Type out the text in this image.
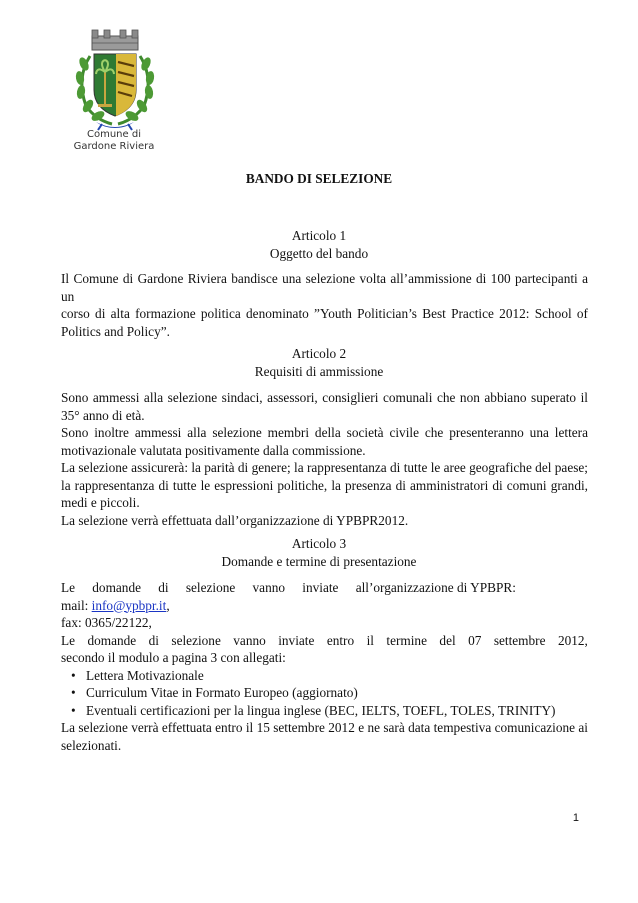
Comune di
Gardone Riviera
BANDO DI SELEZIONE
Articolo 1
Oggetto del bando
Il Comune di Gardone Riviera bandisce una selezione volta all’ammissione di 100 partecipanti a un
corso di alta formazione politica denominato ”Youth Politician’s Best Practice 2012: School of
Politics and Policy”.
Articolo 2
Requisiti di ammissione
Sono ammessi alla selezione sindaci, assessori, consiglieri comunali che non abbiano superato il
35° anno di età.
Sono inoltre ammessi alla selezione membri della società civile che presenteranno una lettera
motivazionale valutata positivamente dalla commissione.
La selezione assicurerà: la parità di genere; la rappresentanza di tutte le aree geografiche del paese;
la rappresentanza di tutte le espressioni politiche, la presenza di amministratori di comuni grandi,
medi e piccoli.
La selezione verrà effettuata dall’organizzazione di YPBPR2012.
Articolo 3
Domande e termine di presentazione
Le domande di selezione vanno inviate all’organizzazione di YPBPR:
mail: info@ypbpr.it,
fax: 0365/22122,
Le domande di selezione vanno inviate entro il termine del 07 settembre 2012,
secondo il modulo a pagina 3 con allegati:
• Lettera Motivazionale
• Curriculum Vitae in Formato Europeo (aggiornato)
• Eventuali certificazioni per la lingua inglese (BEC, IELTS, TOEFL, TOLES, TRINITY)
La selezione verrà effettuata entro il 15 settembre 2012 e ne sarà data tempestiva comunicazione ai
selezionati.
1
